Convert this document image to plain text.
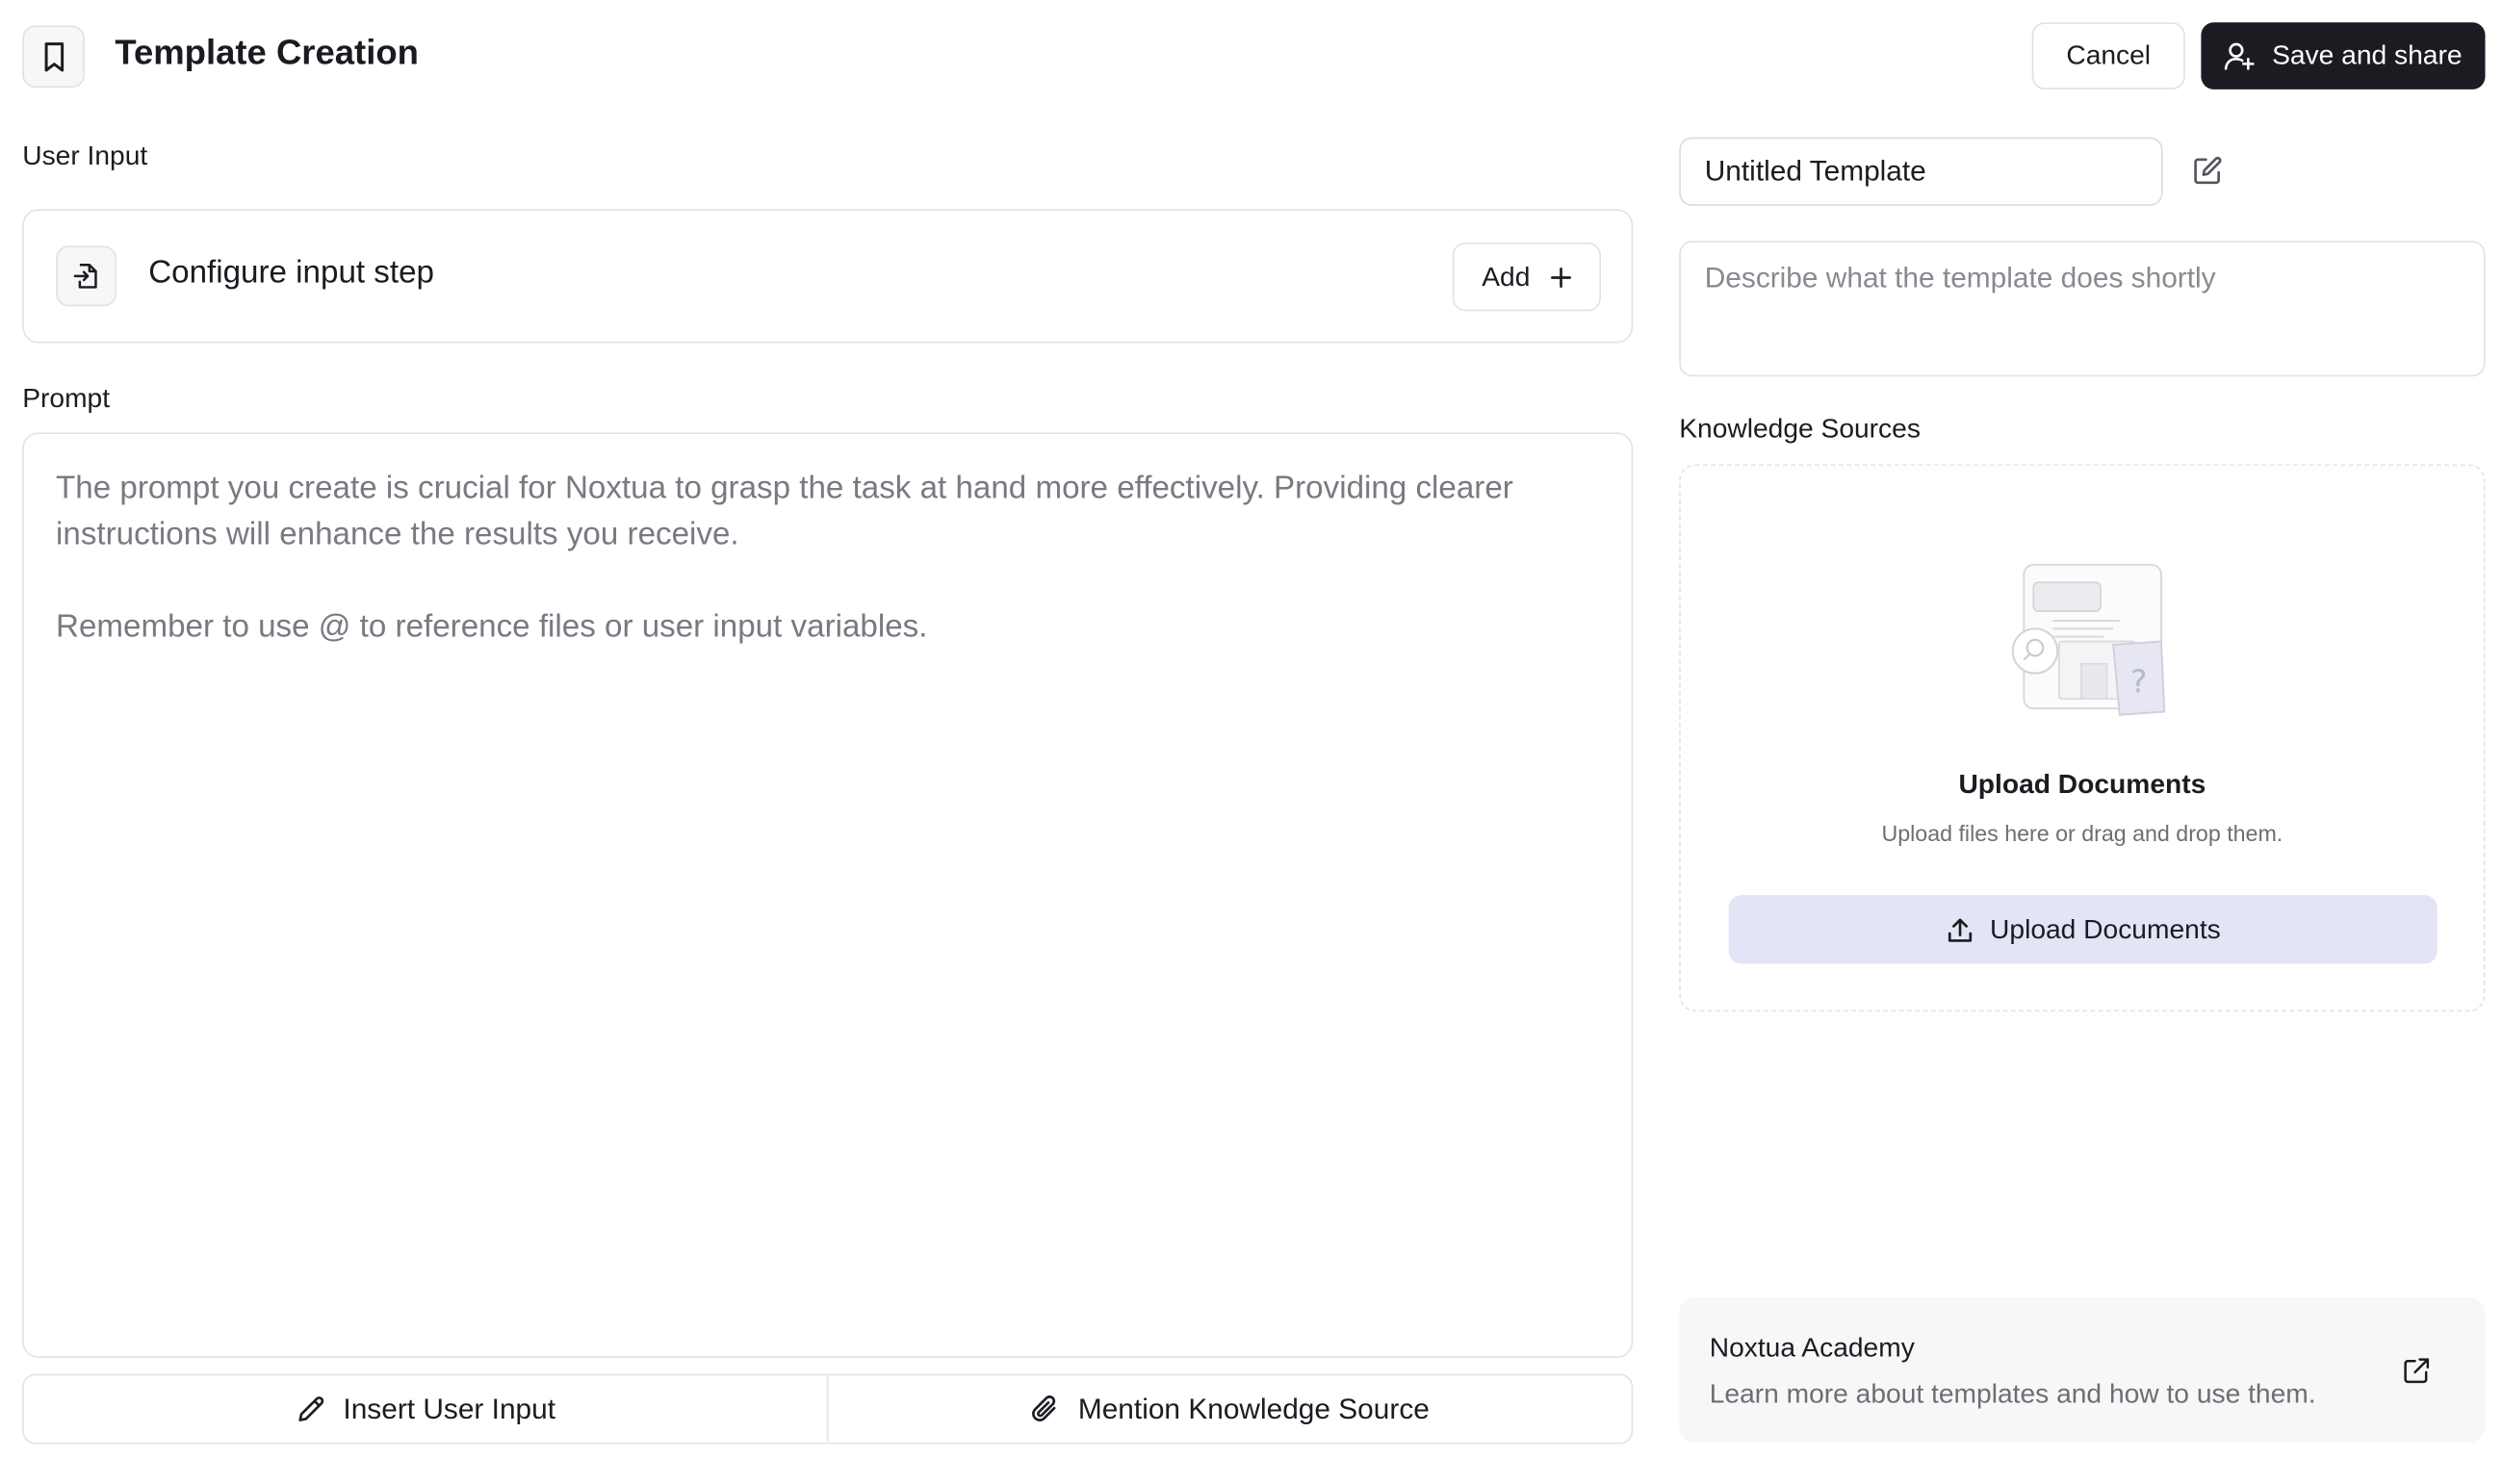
Template Creation	Cancel	Save and share
User Input
Configure input step	Add
Prompt
The prompt you create is crucial for Noxtua to grasp the task at hand more effectively. Providing clearer
instructions will enhance the results you receive.
Remember to use @ to reference files or user input variables.
Insert User Input	Mention Knowledge Source
Untitled Template
Describe what the template does shortly
Knowledge Sources
?
Upload Documents
Upload files here or drag and drop them.
Upload Documents
Noxtua Academy
Learn more about templates and how to use them.
